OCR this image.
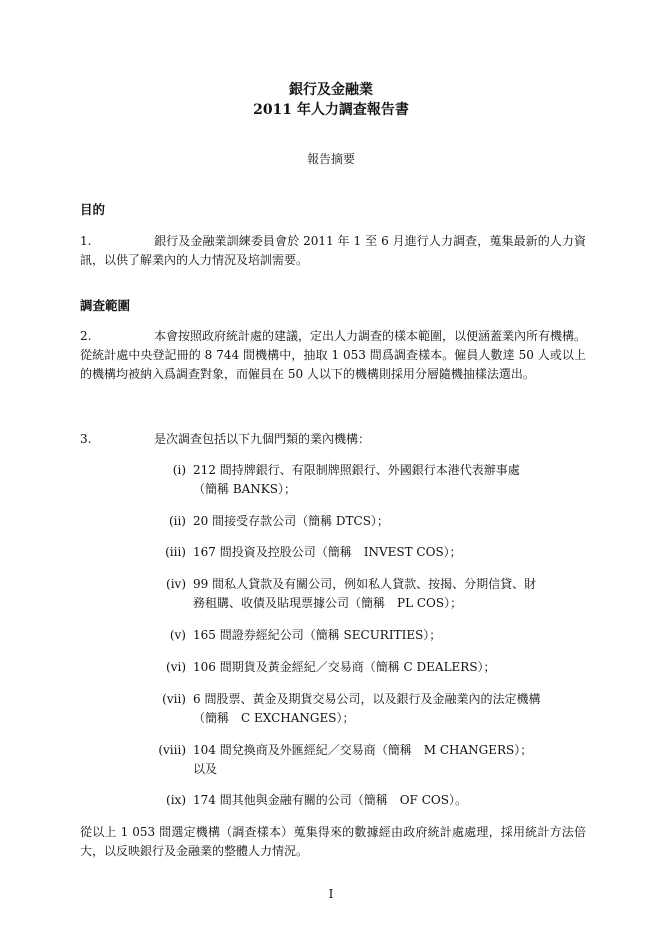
銀行及金融業
2011 年人力調查報告書
報告摘要
目的
1.	銀行及金融業訓練委員會於 2011 年 1 至 6 月進行人力調查，蒐集最新的人力資訊，以供了解業內的人力情況及培訓需要。
調查範圍
2.	本會按照政府統計處的建議，定出人力調查的樣本範圍，以便涵蓋業內所有機構。從統計處中央登記冊的 8 744 間機構中，抽取 1 053 間爲調查樣本。僱員人數達 50 人或以上的機構均被納入爲調查對象，而僱員在 50 人以下的機構則採用分層隨機抽樣法選出。
3.	是次調查包括以下九個門類的業內機構：
(i) 212 間持牌銀行、有限制牌照銀行、外國銀行本港代表辦事處（簡稱 BANKS）；
(ii) 20 間接受存款公司（簡稱 DTCS）；
(iii) 167 間投資及控股公司（簡稱　INVEST COS）；
(iv) 99 間私人貸款及有關公司，例如私人貸款、按揭、分期信貸、財務租購、收債及貼現票據公司（簡稱　PL COS）；
(v) 165 間證券經紀公司（簡稱 SECURITIES）；
(vi) 106 間期貨及黃金經紀／交易商（簡稱 C DEALERS）；
(vii) 6 間股票、黃金及期貨交易公司，以及銀行及金融業內的法定機構（簡稱　C EXCHANGES）；
(viii) 104 間兌換商及外匯經紀／交易商（簡稱　M CHANGERS）；以及
(ix) 174 間其他與金融有關的公司（簡稱　OF COS）。
從以上 1 053 間選定機構（調查樣本）蒐集得來的數據經由政府統計處處理，採用統計方法倍大，以反映銀行及金融業的整體人力情況。
I
